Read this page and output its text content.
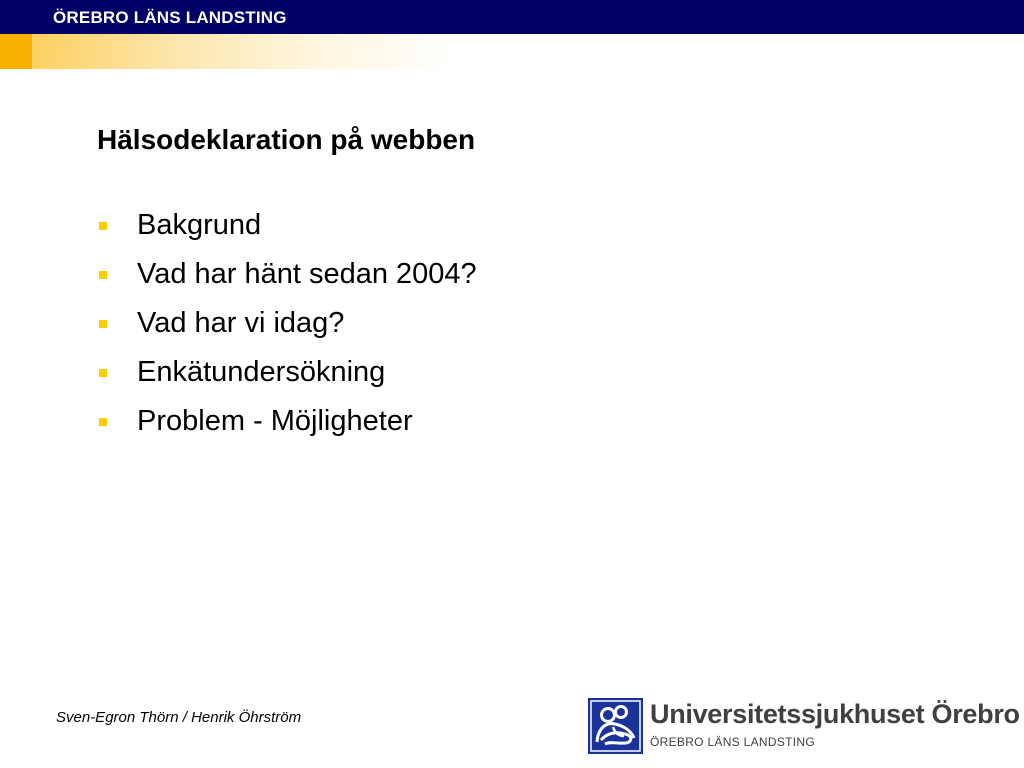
ÖREBRO LÄNS LANDSTING
Hälsodeklaration på webben
Bakgrund
Vad har hänt sedan 2004?
Vad har vi idag?
Enkätundersökning
Problem - Möjligheter
Sven-Egron Thörn / Henrik Öhrström	Universitetssjukhuset Örebro
ÖREBRO LÄNS LANDSTING
